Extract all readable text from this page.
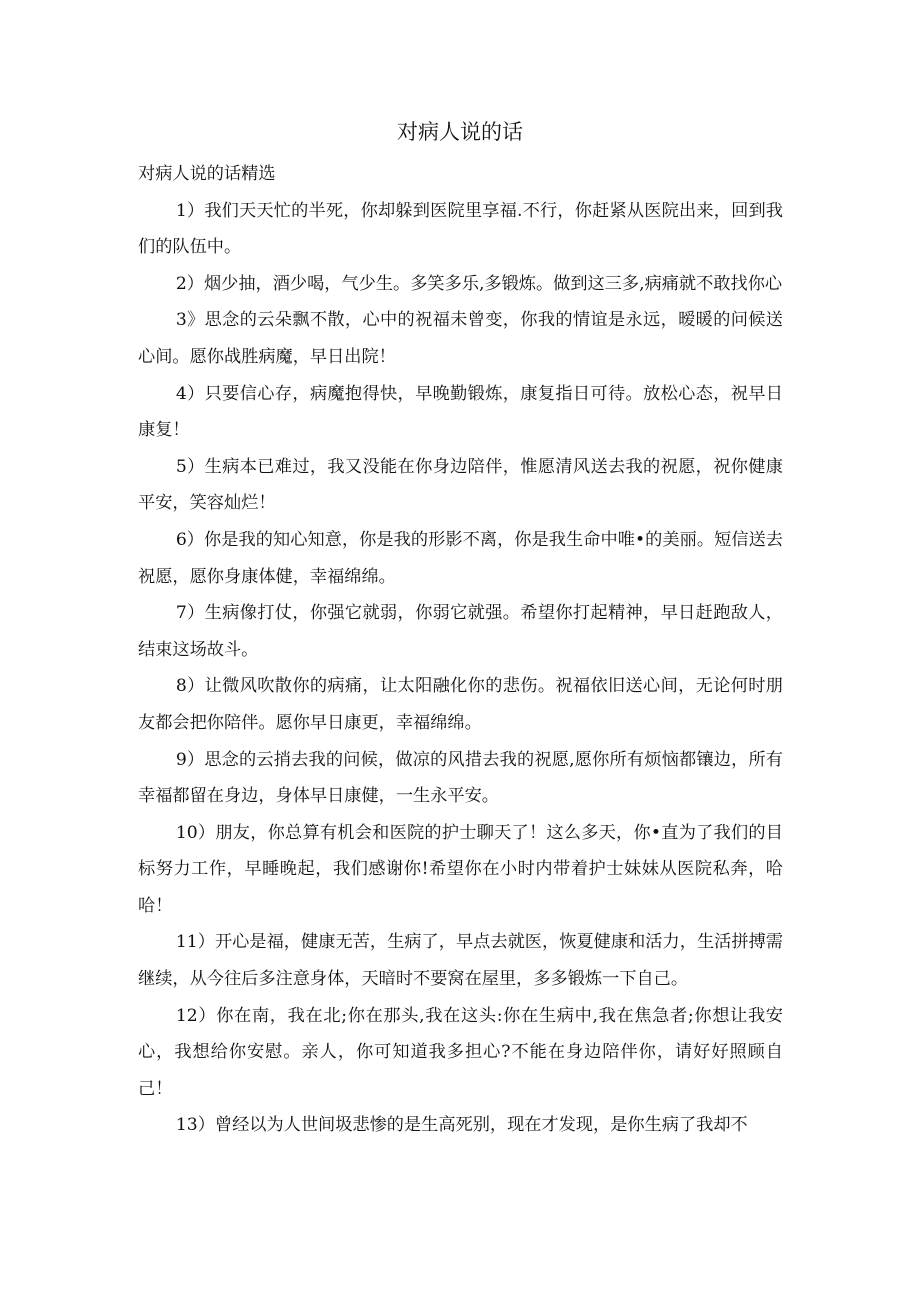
对病人说的话

对病人说的话精选

1）我们天天忙的半死，你却躲到医院里享福.不行，你赶紧从医院出来，回到我们的队伍中。

2）烟少抽，酒少喝，气少生。多笑多乐,多锻炼。做到这三多,病痛就不敢找你心

3》思念的云朵飘不散，心中的祝福未曾变，你我的情谊是永远，暧暖的问候送心间。愿你战胜病魔，早日出院！

4）只要信心存，病魔抱得快，早晚勤锻炼，康复指日可待。放松心态，祝早日康复！

5）生病本已难过，我又没能在你身边陪伴，惟愿清风送去我的祝愿，祝你健康平安，笑容灿烂！

6）你是我的知心知意，你是我的形影不离，你是我生命中唯•的美丽。短信送去祝愿，愿你身康体健，幸福绵绵。

7）生病像打仗，你强它就弱，你弱它就强。希望你打起精神，早日赶跑敌人，结束这场故斗。

8）让微风吹散你的病痛，让太阳融化你的悲伤。祝福依旧送心间，无论何时朋友都会把你陪伴。愿你早日康更，幸福绵绵。

9）思念的云捎去我的问候，做凉的风措去我的祝愿,愿你所有烦恼都镶边，所有幸福都留在身边，身体早日康健，一生永平安。

10）朋友，你总算有机会和医院的护士聊天了！这么多天，你•直为了我们的目标努力工作，早睡晚起，我们感谢你!希望你在小时内带着护士妹妹从医院私奔，哈哈！

11）开心是福，健康无苦，生病了，早点去就医，恢夏健康和活力，生活拼搏需继续，从今往后多注意身体，天暗时不要窝在屋里，多多锻炼一下自己。

12）你在南，我在北;你在那头,我在这头:你在生病中,我在焦急者;你想让我安心，我想给你安慰。亲人，你可知道我多担心?不能在身边陪伴你，请好好照顾自己！

13）曾经以为人世间圾悲惨的是生高死别，现在才发现，是你生病了我却不
